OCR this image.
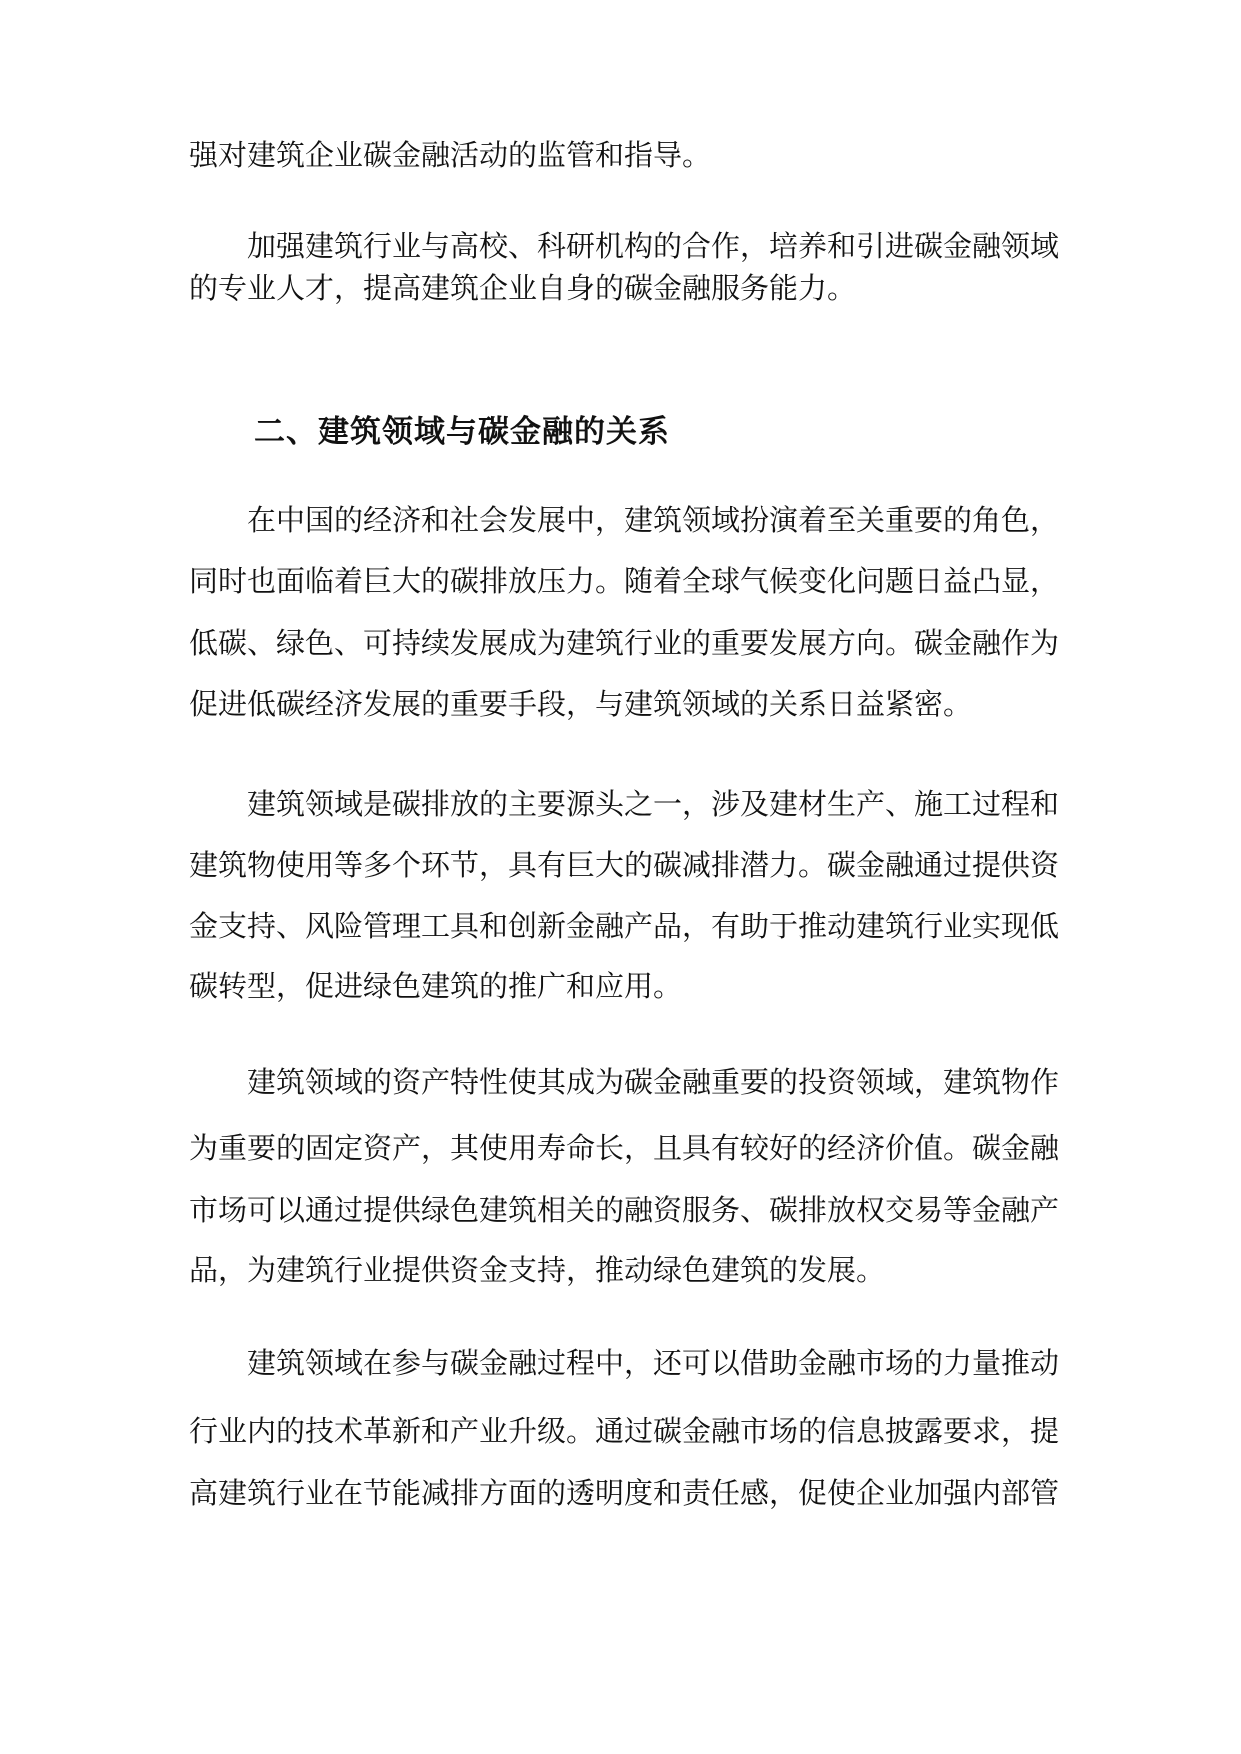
强对建筑企业碳金融活动的监管和指导。
加强建筑行业与高校、科研机构的合作，培养和引进碳金融领域
的专业人才，提高建筑企业自身的碳金融服务能力。
二、建筑领域与碳金融的关系
在中国的经济和社会发展中，建筑领域扮演着至关重要的角色，
同时也面临着巨大的碳排放压力。随着全球气候变化问题日益凸显，
低碳、绿色、可持续发展成为建筑行业的重要发展方向。碳金融作为
促进低碳经济发展的重要手段，与建筑领域的关系日益紧密。
建筑领域是碳排放的主要源头之一，涉及建材生产、施工过程和
建筑物使用等多个环节，具有巨大的碳减排潜力。碳金融通过提供资
金支持、风险管理工具和创新金融产品，有助于推动建筑行业实现低
碳转型，促进绿色建筑的推广和应用。
建筑领域的资产特性使其成为碳金融重要的投资领域，建筑物作
为重要的固定资产，其使用寿命长，且具有较好的经济价值。碳金融
市场可以通过提供绿色建筑相关的融资服务、碳排放权交易等金融产
品，为建筑行业提供资金支持，推动绿色建筑的发展。
建筑领域在参与碳金融过程中，还可以借助金融市场的力量推动
行业内的技术革新和产业升级。通过碳金融市场的信息披露要求，提
高建筑行业在节能减排方面的透明度和责任感，促使企业加强内部管
